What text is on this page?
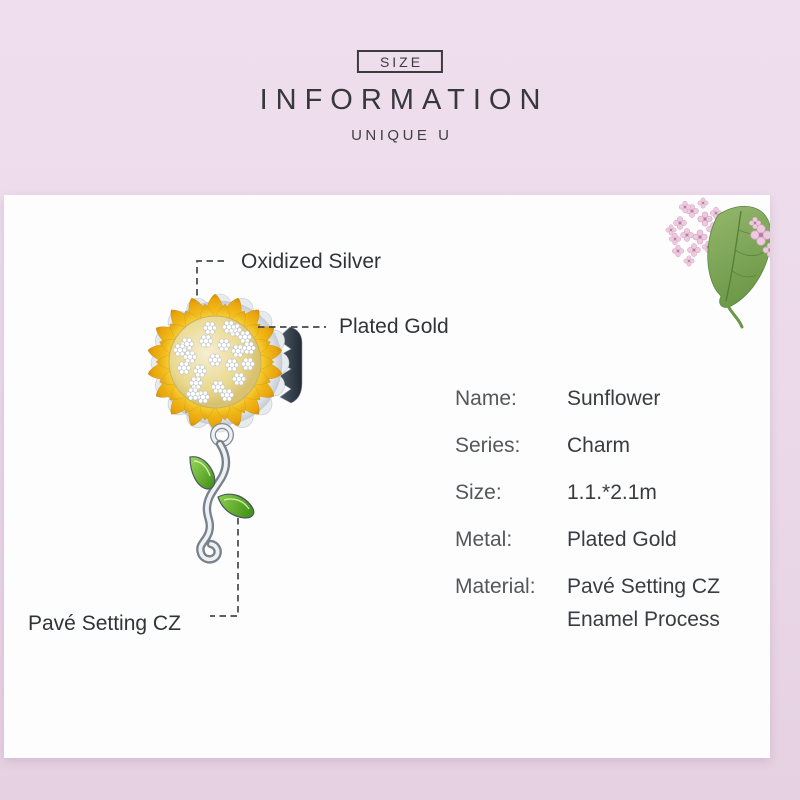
SIZE
INFORMATION
UNIQUE U
Oxidized Silver
Plated Gold
Pavé Setting CZ
Name:	Sunflower
Series:	Charm
Size:	1.1.*2.1m
Metal:	Plated Gold
Material:	Pavé Setting CZ
Enamel Process
